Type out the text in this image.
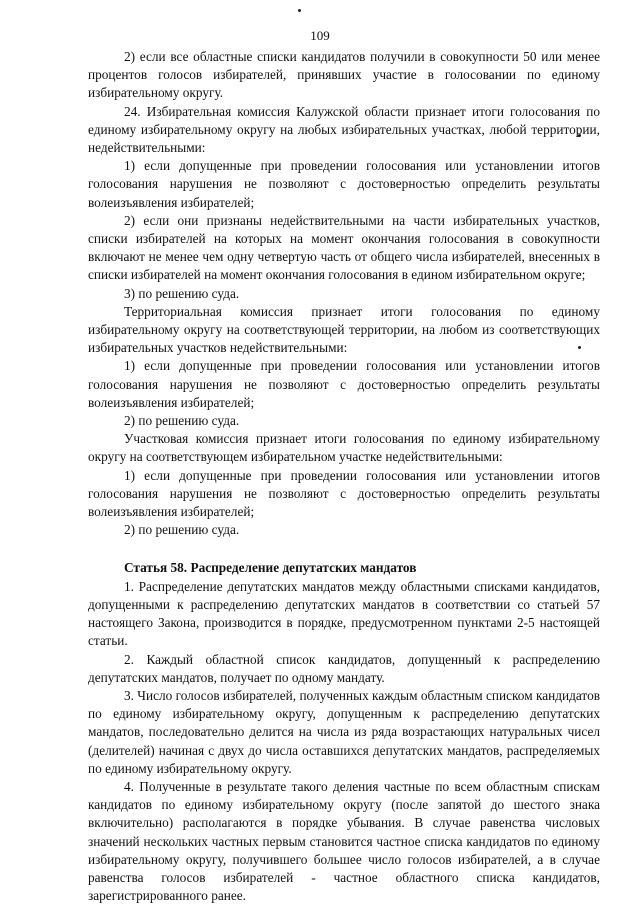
109

2) если все областные списки кандидатов получили в совокупности 50 или менее процентов голосов избирателей, принявших участие в голосовании по единому избирательному округу.

24. Избирательная комиссия Калужской области признает итоги голосования по единому избирательному округу на любых избирательных участках, любой территории, недействительными:

1) если допущенные при проведении голосования или установлении итогов голосования нарушения не позволяют с достоверностью определить результаты волеизъявления избирателей;

2) если они признаны недействительными на части избирательных участков, списки избирателей на которых на момент окончания голосования в совокупности включают не менее чем одну четвертую часть от общего числа избирателей, внесенных в списки избирателей на момент окончания голосования в едином избирательном округе;

3) по решению суда.

Территориальная комиссия признает итоги голосования по единому избирательному округу на соответствующей территории, на любом из соответствующих избирательных участков недействительными:

1) если допущенные при проведении голосования или установлении итогов голосования нарушения не позволяют с достоверностью определить результаты волеизъявления избирателей;

2) по решению суда.

Участковая комиссия признает итоги голосования по единому избирательному округу на соответствующем избирательном участке недействительными:

1) если допущенные при проведении голосования или установлении итогов голосования нарушения не позволяют с достоверностью определить результаты волеизъявления избирателей;

2) по решению суда.

Статья 58. Распределение депутатских мандатов

1. Распределение депутатских мандатов между областными списками кандидатов, допущенными к распределению депутатских мандатов в соответствии со статьей 57 настоящего Закона, производится в порядке, предусмотренном пунктами 2-5 настоящей статьи.

2. Каждый областной список кандидатов, допущенный к распределению депутатских мандатов, получает по одному мандату.

3. Число голосов избирателей, полученных каждым областным списком кандидатов по единому избирательному округу, допущенным к распределению депутатских мандатов, последовательно делится на числа из ряда возрастающих натуральных чисел (делителей) начиная с двух до числа оставшихся депутатских мандатов, распределяемых по единому избирательному округу.

4. Полученные в результате такого деления частные по всем областным спискам кандидатов по единому избирательному округу (после запятой до шестого знака включительно) располагаются в порядке убывания. В случае равенства числовых значений нескольких частных первым становится частное списка кандидатов по единому избирательному округу, получившего большее число голосов избирателей, а в случае равенства голосов избирателей - частное областного списка кандидатов, зарегистрированного ранее.
